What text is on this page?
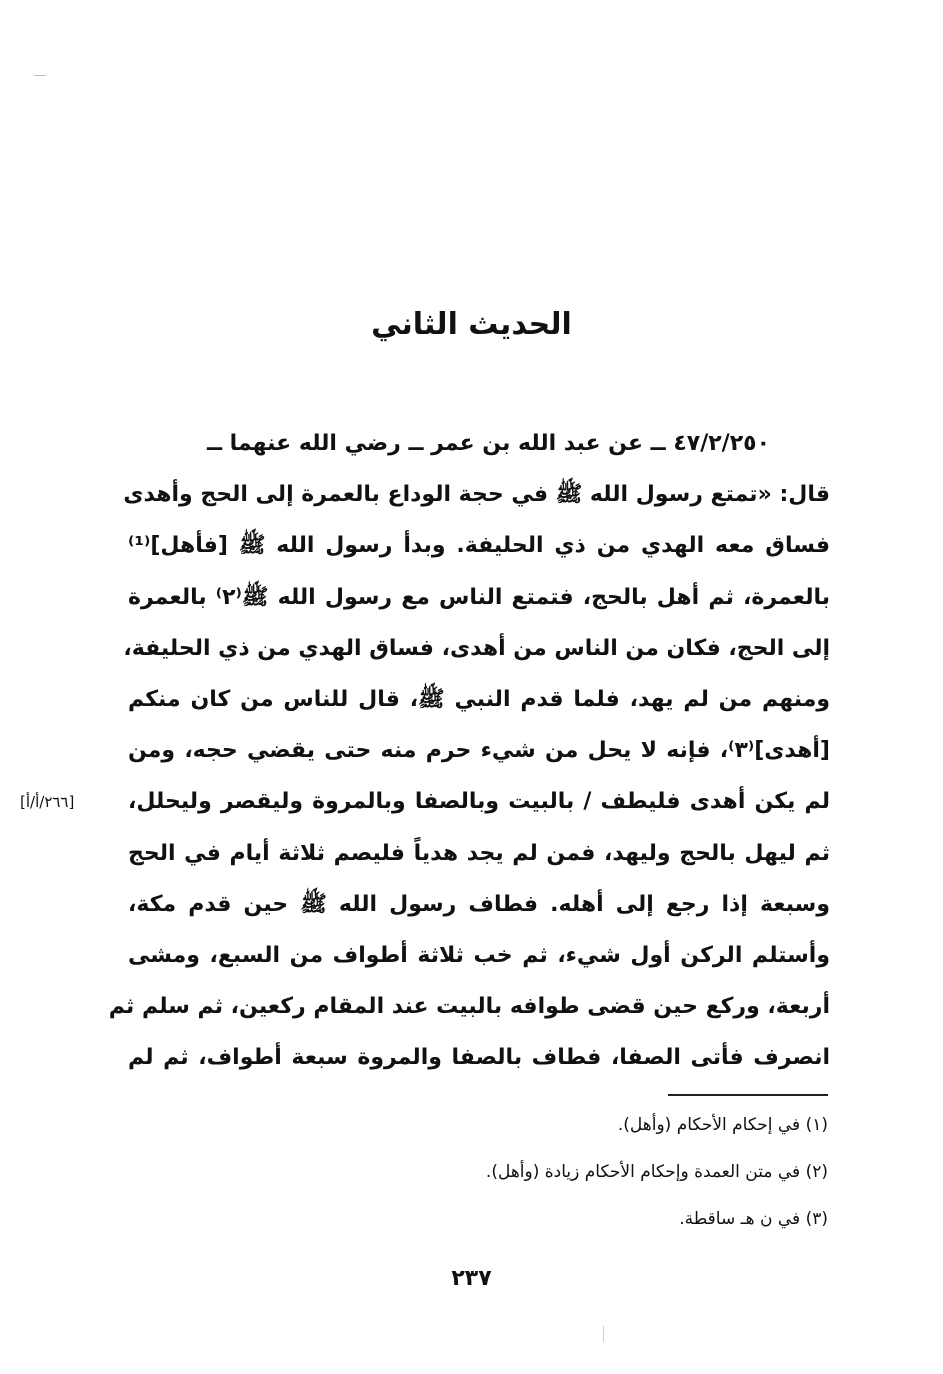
الحديث الثاني
٤٧/٢/٢٥٠ ــ عن عبد الله بن عمر ــ رضي الله عنهما ــ
قال: «تمتع رسول الله ﷺ في حجة الوداع بالعمرة إلى الحج وأهدى
فساق معه الهدي من ذي الحليفة. وبدأ رسول الله ﷺ [فأهل]⁽¹⁾
بالعمرة، ثم أهل بالحج، فتمتع الناس مع رسول الله ﷺ⁽٢⁾ بالعمرة
إلى الحج، فكان من الناس من أهدى، فساق الهدي من ذي الحليفة،
ومنهم من لم يهد، فلما قدم النبي ﷺ، قال للناس من كان منكم
[أهدى]⁽٣⁾، فإنه لا يحل من شيء حرم منه حتى يقضي حجه، ومن
لم يكن أهدى فليطف / بالبيت وبالصفا وبالمروة وليقصر وليحلل،
ثم ليهل بالحج وليهد، فمن لم يجد هدياً فليصم ثلاثة أيام في الحج
وسبعة إذا رجع إلى أهله. فطاف رسول الله ﷺ حين قدم مكة،
وأستلم الركن أول شيء، ثم خب ثلاثة أطواف من السبع، ومشى
أربعة، وركع حين قضى طوافه بالبيت عند المقام ركعين، ثم سلم ثم
انصرف فأتى الصفا، فطاف بالصفا والمروة سبعة أطواف، ثم لم
[٢٦٦/أ/أ]
(١) في إحكام الأحكام (وأهل).
(٢) في متن العمدة وإحكام الأحكام زيادة (وأهل).
(٣) في ن هـ ساقطة.
٢٣٧
